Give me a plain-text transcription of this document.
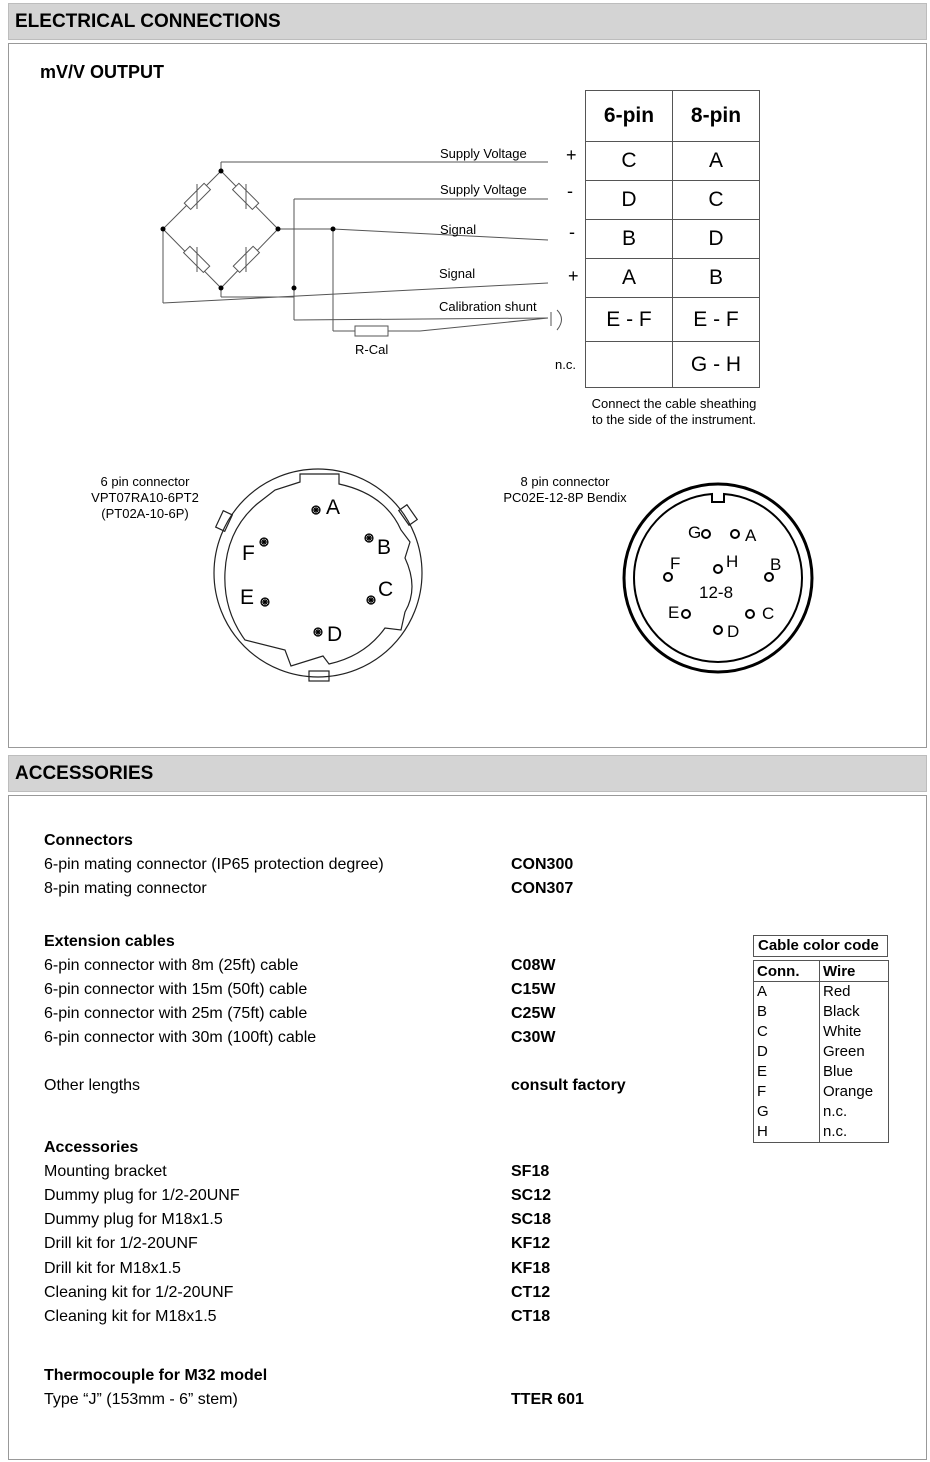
ELECTRICAL CONNECTIONS
mV/V OUTPUT
Supply Voltage
Supply Voltage
Signal
Signal
Calibration shunt
R-Cal
n.c.
+
-
-
+
6-pin	8-pin
C	A
D	C
B	D
A	B
E - F	E - F
	G - H
Connect the cable sheathing
to the side of the instrument.
6 pin connector
VPT07RA10-6PT2
(PT02A-10-6P)	A
B
C
D
E
F
8 pin connector
PC02E-12-8P Bendix
G	A
F	H B
E	C
D
12-8
ACCESSORIES
Connectors
6-pin mating connector (IP65 protection degree)	CON300
8-pin mating connector	CON307
Extension cables
6-pin connector with 8m (25ft) cable	C08W
6-pin connector with 15m (50ft) cable	C15W
6-pin connector with 25m (75ft) cable	C25W
6-pin connector with 30m (100ft) cable	C30W
Other lengths	consult factory
Accessories
Mounting bracket	SF18
Dummy plug for 1/2-20UNF	SC12
Dummy plug for M18x1.5	SC18
Drill kit for 1/2-20UNF	KF12
Drill kit for M18x1.5	KF18
Cleaning kit for 1/2-20UNF	CT12
Cleaning kit for M18x1.5	CT18
Thermocouple for M32 model
Type “J” (153mm - 6” stem)	TTER 601
Cable color code
Conn.	Wire
A	Red
B	Black
C	White
D	Green
E	Blue
F	Orange
G	n.c.
H	n.c.
